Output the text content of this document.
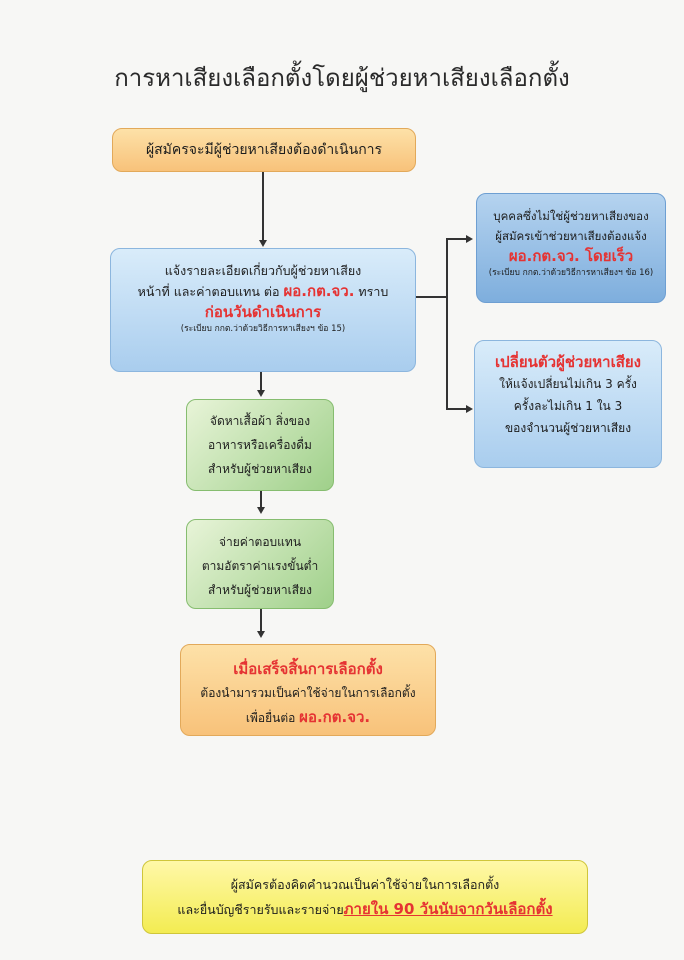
การหาเสียงเลือกตั้งโดยผู้ช่วยหาเสียงเลือกตั้ง
ผู้สมัครจะมีผู้ช่วยหาเสียงต้องดำเนินการ
แจ้งรายละเอียดเกี่ยวกับผู้ช่วยหาเสียง
หน้าที่ และค่าตอบแทน ต่อ ผอ.กต.จว. ทราบ
ก่อนวันดำเนินการ
(ระเบียบ กกต.ว่าด้วยวิธีการหาเสียงฯ ข้อ 15)
บุคคลซึ่งไม่ใช่ผู้ช่วยหาเสียงของ
ผู้สมัครเข้าช่วยหาเสียงต้องแจ้ง
ผอ.กต.จว. โดยเร็ว
(ระเบียบ กกต.ว่าด้วยวิธีการหาเสียงฯ ข้อ 16)
เปลี่ยนตัวผู้ช่วยหาเสียง
ให้แจ้งเปลี่ยนไม่เกิน 3 ครั้ง
ครั้งละไม่เกิน 1 ใน 3
ของจำนวนผู้ช่วยหาเสียง
จัดหาเสื้อผ้า สิ่งของ
อาหารหรือเครื่องดื่ม
สำหรับผู้ช่วยหาเสียง
จ่ายค่าตอบแทน
ตามอัตราค่าแรงขั้นต่ำ
สำหรับผู้ช่วยหาเสียง
เมื่อเสร็จสิ้นการเลือกตั้ง
ต้องนำมารวมเป็นค่าใช้จ่ายในการเลือกตั้ง
เพื่อยื่นต่อ ผอ.กต.จว.
ผู้สมัครต้องคิดคำนวณเป็นค่าใช้จ่ายในการเลือกตั้ง
และยื่นบัญชีรายรับและรายจ่ายภายใน 90 วันนับจากวันเลือกตั้ง
